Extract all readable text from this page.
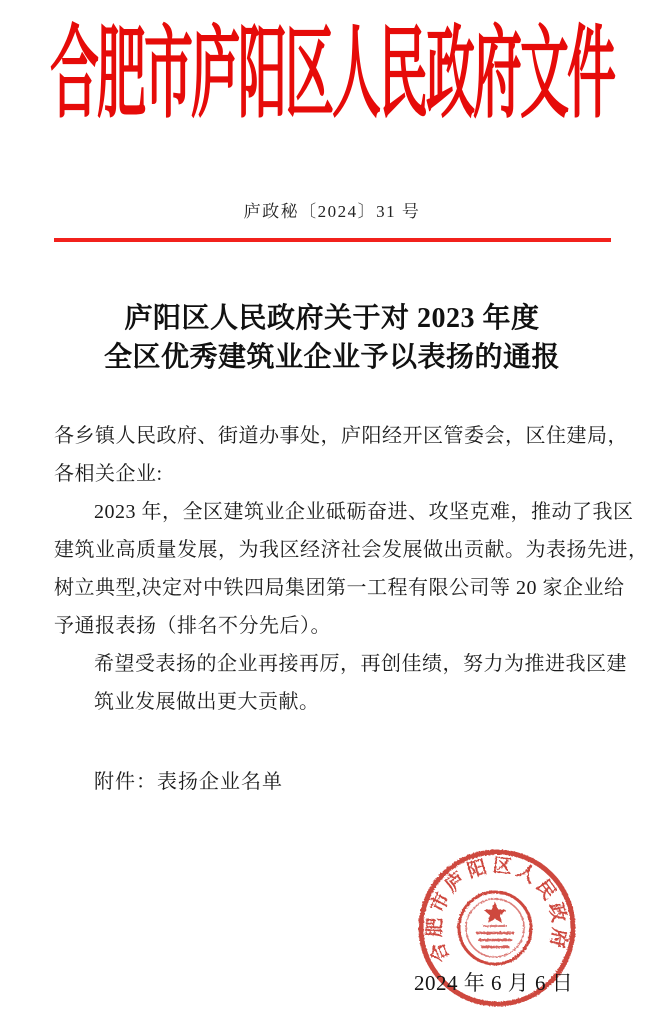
合肥市庐阳区人民政府文件
庐政秘〔2024〕31 号
庐阳区人民政府关于对 2023 年度
全区优秀建筑业企业予以表扬的通报
各乡镇人民政府、街道办事处，庐阳经开区管委会，区住建局，
各相关企业:
2023 年，全区建筑业企业砥砺奋进、攻坚克难，推动了我区
建筑业高质量发展，为我区经济社会发展做出贡献。为表扬先进，
树立典型,决定对中铁四局集团第一工程有限公司等 20 家企业给
予通报表扬（排名不分先后）。
希望受表扬的企业再接再厉，再创佳绩，努力为推进我区建
筑业发展做出更大贡献。
附件：表扬企业名单
合肥市庐阳区人民政府
2024 年 6 月 6 日
